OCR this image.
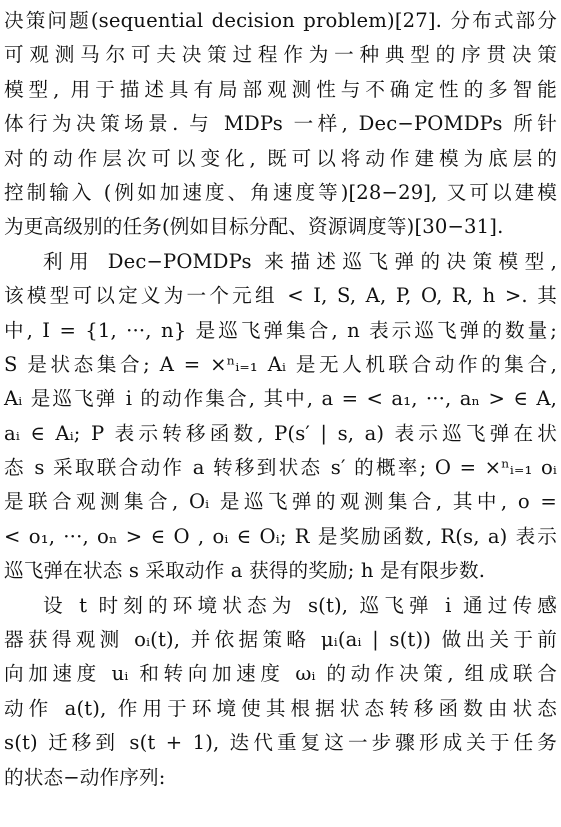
决策问题(sequential decision problem)[27]. 分布式部分
可观测马尔可夫决策过程作为一种典型的序贯决策
模型, 用于描述具有局部观测性与不确定性的多智能
体行为决策场景. 与 MDPs 一样, Dec−POMDPs 所针
对的动作层次可以变化, 既可以将动作建模为底层的
控制输入 (例如加速度、角速度等)[28−29], 又可以建模
为更高级别的任务(例如目标分配、资源调度等)[30−31].
利用 Dec−POMDPs 来描述巡飞弹的决策模型,
该模型可以定义为一个元组 < I, S, A, P, O, R, h >. 其
中, I = {1, ···, n} 是巡飞弹集合, n 表示巡飞弹的数量;
S 是状态集合; A = ×ⁿᵢ₌₁ Aᵢ 是无人机联合动作的集合,
Aᵢ 是巡飞弹 i 的动作集合, 其中, a = < a₁, ···, aₙ > ∈ A,
aᵢ ∈ Aᵢ; P 表示转移函数, P(s′ | s, a) 表示巡飞弹在状
态 s 采取联合动作 a 转移到状态 s′ 的概率; O = ×ⁿᵢ₌₁ oᵢ
是联合观测集合, Oᵢ 是巡飞弹的观测集合, 其中, o =
< o₁, ···, oₙ > ∈ O , oᵢ ∈ Oᵢ; R 是奖励函数, R(s, a) 表示
巡飞弹在状态 s 采取动作 a 获得的奖励; h 是有限步数.
设 t 时刻的环境状态为 s(t), 巡飞弹 i 通过传感
器获得观测 oᵢ(t), 并依据策略 μᵢ(aᵢ | s(t)) 做出关于前
向加速度 uᵢ 和转向加速度 ωᵢ 的动作决策, 组成联合
动作 a(t), 作用于环境使其根据状态转移函数由状态
s(t) 迁移到 s(t + 1), 迭代重复这一步骤形成关于任务
的状态−动作序列:
